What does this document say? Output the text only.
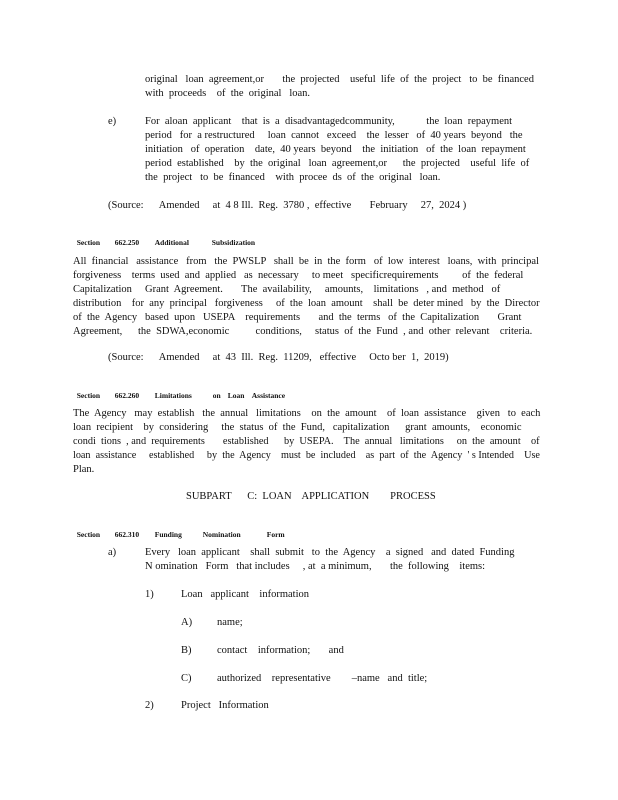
original   loan  agreement,or       the  projected    useful  life  of  the  project   to  be  financed
with  proceeds    of  the  original   loan.
e)	For  aloan  applicant    that  is  a  disadvantagedcommunity,            the  loan  repayment
period   for  a restructured     loan  cannot   exceed    the  lesser   of  40 years  beyond   the
initiation   of  operation    date,  40 years  beyond    the  initiation   of  the  loan  repayment
period  established    by  the  original   loan  agreement,or      the  projected    useful  life  of
the  project   to  be  financed    with  procee  ds  of  the  original   loan.
(Source:      Amended     at  4 8 Ill.  Reg.  3780 ,  effective       February     27,  2024 )

Section 662.250 Additional	Subsidization

All  financial   assistance   from   the  PWSLP   shall  be  in  the  form   of  low  interest   loans,  with  principal
forgiveness    terms  used  and  applied   as  necessary     to meet   specificrequirements         of  the  federal
Capitalization     Grant  Agreement.       The  availability,     amounts,    limitations   , and  method   of
distribution    for  any  principal   forgiveness     of  the  loan  amount    shall  be  deter mined   by  the  Director
of  the  Agency   based  upon   USEPA    requirements       and  the  terms   of  the  Capitalization       Grant
Agreement,      the  SDWA,economic          conditions,     status  of  the  Fund  , and  other  relevant    criteria.
(Source:      Amended     at  43  Ill.  Reg.  11209,   effective     Octo ber  1,  2019)

Section 662.260 Limitations	on Loan Assistance

The  Agency   may  establish   the  annual   limitations    on  the  amount    of  loan  assistance    given   to  each
loan  recipient    by  considering     the  status  of  the  Fund,   capitalization      grant  amounts,    economic
condi  tions  , and  requirements       established      by  USEPA.    The  annual   limitations     on  the  amount    of
loan  assistance     established     by  the  Agency    must  be  included    as  part  of  the  Agency  ' s Intended    Use
Plan.
SUBPART      C:  LOAN    APPLICATION        PROCESS

Section 662.310 Funding	Nomination	Form

a)	Every   loan  applicant    shall  submit   to  the  Agency    a  signed   and  dated  Funding
N omination   Form   that includes     , at  a minimum,       the  following    items:
1)	Loan   applicant    information
A) name;
B) contact    information;       and
C) authorized    representative        –name   and  title;
2)	Project   Information
